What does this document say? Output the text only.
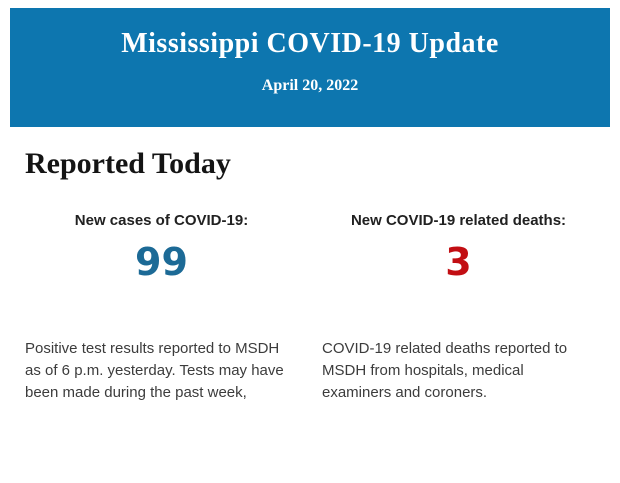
Mississippi COVID-19 Update
April 20, 2022
Reported Today
New cases of COVID-19:
99
Positive test results reported to MSDH as of 6 p.m. yesterday. Tests may have been made during the past week,
New COVID-19 related deaths:
3
COVID-19 related deaths reported to MSDH from hospitals, medical examiners and coroners.
